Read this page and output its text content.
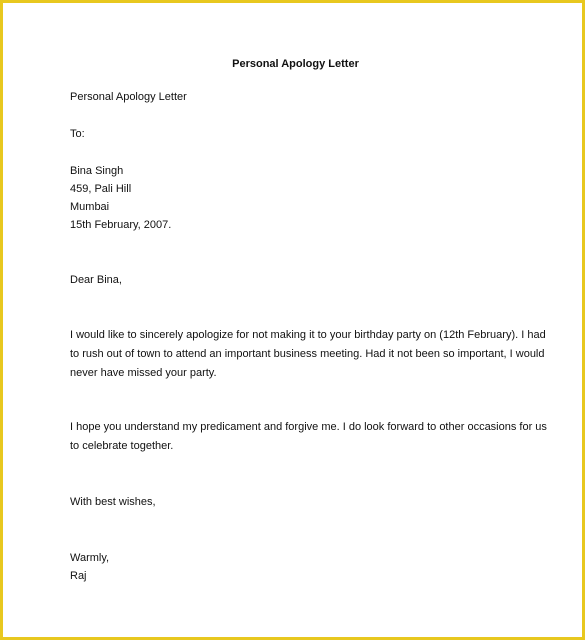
Personal Apology Letter
Personal Apology Letter
To:
Bina Singh
459, Pali Hill
Mumbai
15th February, 2007.
Dear Bina,
I would like to sincerely apologize for not making it to your birthday party on (12th February). I had
to rush out of town to attend an important business meeting. Had it not been so important, I would
never have missed your party.
I hope you understand my predicament and forgive me. I do look forward to other occasions for us
to celebrate together.
With best wishes,
Warmly,
Raj
